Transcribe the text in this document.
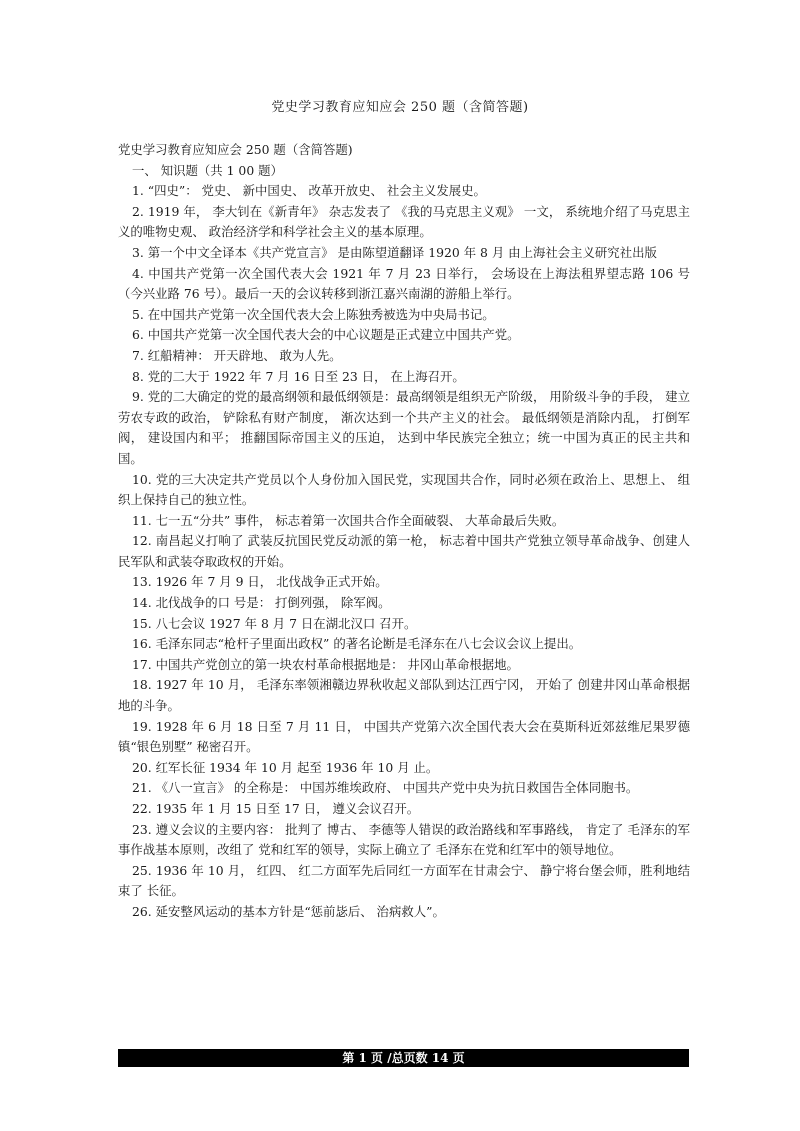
党史学习教育应知应会 250 题（含简答题)

党史学习教育应知应会 250 题（含简答题)

一、 知识题（共 1 00 题）

1. “四史”： 党史、 新中国史、 改革开放史、 社会主义发展史。

2. 1919 年， 李大钊在《新青年》 杂志发表了 《我的马克思主义观》 一文， 系统地介绍了马克思主义的唯物史观、 政治经济学和科学社会主义的基本原理。

3. 第一个中文全译本《共产党宣言》 是由陈望道翻译 1920 年 8 月 由上海社会主义研究社出版

4. 中国共产党第一次全国代表大会 1921 年 7 月 23 日举行， 会场设在上海法租界望志路 106 号（今兴业路 76 号）。最后一天的会议转移到浙江嘉兴南湖的游船上举行。

5. 在中国共产党第一次全国代表大会上陈独秀被选为中央局书记。

6. 中国共产党第一次全国代表大会的中心议题是正式建立中国共产党。

7. 红船精神： 开天辟地、 敢为人先。

8. 党的二大于 1922 年 7 月 16 日至 23 日， 在上海召开。

9. 党的二大确定的党的最高纲领和最低纲领是：最高纲领是组织无产阶级， 用阶级斗争的手段， 建立劳农专政的政治， 铲除私有财产制度， 渐次达到一个共产主义的社会。 最低纲领是消除内乱， 打倒军阀， 建设国内和平； 推翻国际帝国主义的压迫， 达到中华民族完全独立；统一中国为真正的民主共和国。

10. 党的三大决定共产党员以个人身份加入国民党，实现国共合作，同时必须在政治上、思想上、 组织上保持自己的独立性。

11. 七一五“分共” 事件， 标志着第一次国共合作全面破裂、 大革命最后失败。

12. 南昌起义打响了 武装反抗国民党反动派的第一枪， 标志着中国共产党独立领导革命战争、创建人民军队和武装夺取政权的开始。

13. 1926 年 7 月 9 日， 北伐战争正式开始。

14. 北伐战争的口 号是： 打倒列强， 除军阀。

15. 八七会议 1927 年 8 月 7 日在湖北汉口 召开。

16. 毛泽东同志“枪杆子里面出政权” 的著名论断是毛泽东在八七会议会议上提出。

17. 中国共产党创立的第一块农村革命根据地是： 井冈山革命根据地。

18. 1927 年 10 月， 毛泽东率领湘赣边界秋收起义部队到达江西宁冈， 开始了 创建井冈山革命根据地的斗争。

19. 1928 年 6 月 18 日至 7 月 11 日， 中国共产党第六次全国代表大会在莫斯科近郊兹维尼果罗德镇“银色别墅” 秘密召开。

20. 红军长征 1934 年 10 月 起至 1936 年 10 月 止。

21. 《八一宣言》 的全称是： 中国苏维埃政府、 中国共产党中央为抗日救国告全体同胞书。

22. 1935 年 1 月 15 日至 17 日， 遵义会议召开。

23. 遵义会议的主要内容： 批判了 博古、 李德等人错误的政治路线和军事路线， 肯定了 毛泽东的军事作战基本原则，改组了 党和红军的领导，实际上确立了 毛泽东在党和红军中的领导地位。

25. 1936 年 10 月， 红四、 红二方面军先后同红一方面军在甘肃会宁、 静宁将台堡会师，胜利地结束了 长征。

26. 延安整风运动的基本方针是“惩前毖后、 治病救人”。

第 1 页 /总页数 14 页
